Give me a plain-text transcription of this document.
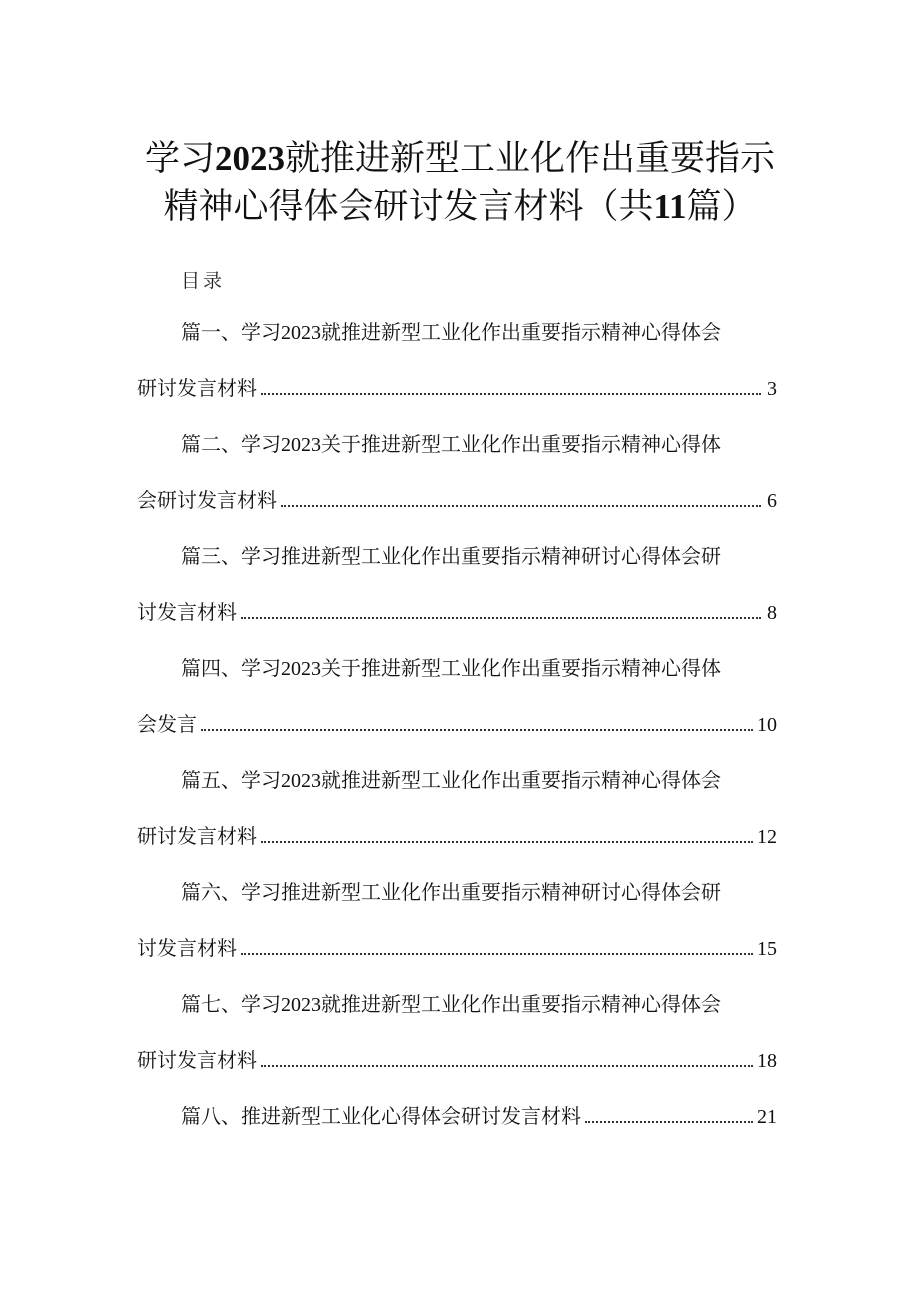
学习2023就推进新型工业化作出重要指示
精神心得体会研讨发言材料（共11篇）
目录
篇一、学习2023就推进新型工业化作出重要指示精神心得体会
研讨发言材料	3
篇二、学习2023关于推进新型工业化作出重要指示精神心得体
会研讨发言材料	6
篇三、学习推进新型工业化作出重要指示精神研讨心得体会研
讨发言材料	8
篇四、学习2023关于推进新型工业化作出重要指示精神心得体
会发言	10
篇五、学习2023就推进新型工业化作出重要指示精神心得体会
研讨发言材料	12
篇六、学习推进新型工业化作出重要指示精神研讨心得体会研
讨发言材料	15
篇七、学习2023就推进新型工业化作出重要指示精神心得体会
研讨发言材料	18
篇八、推进新型工业化心得体会研讨发言材料	21
